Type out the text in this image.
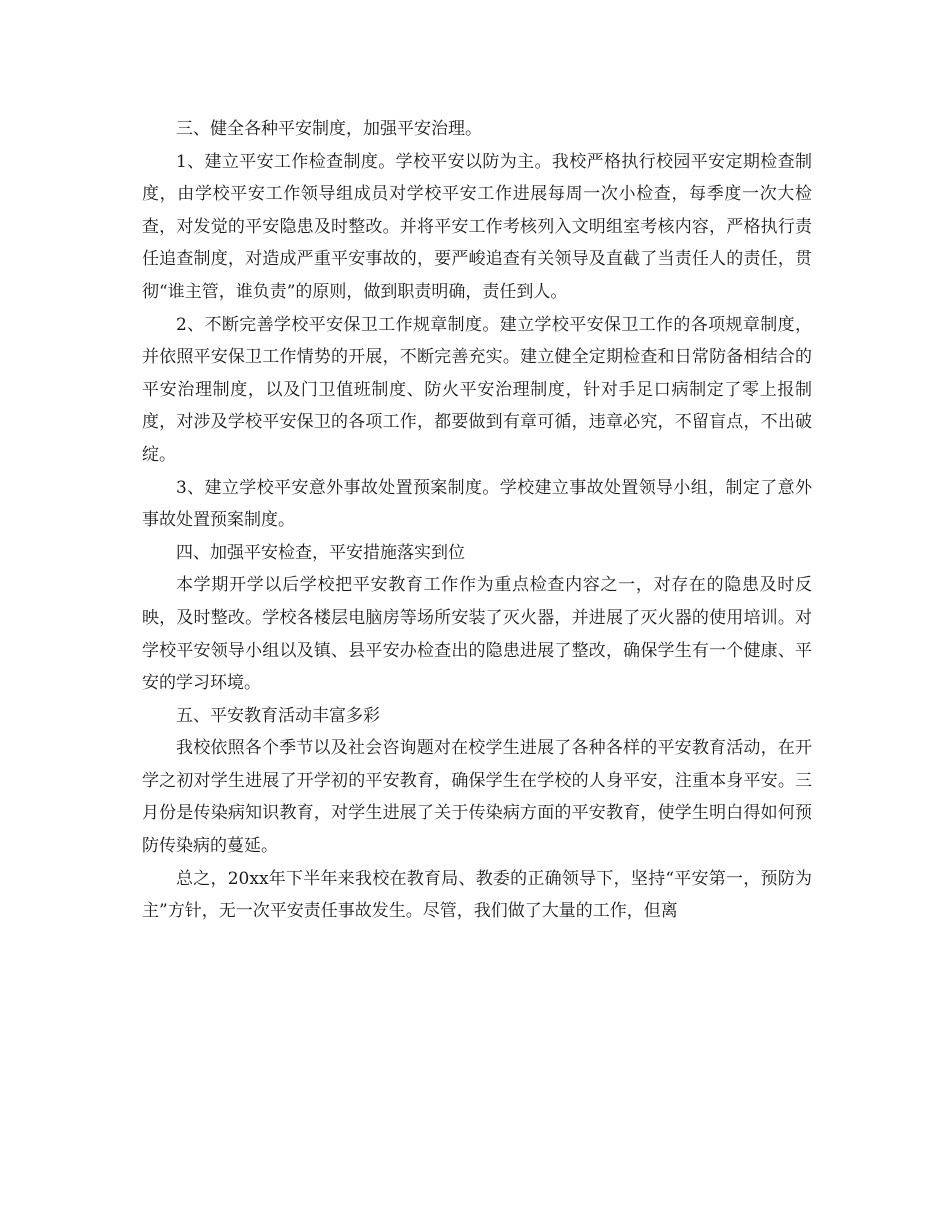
三、健全各种平安制度，加强平安治理。

1、建立平安工作检查制度。学校平安以防为主。我校严格执行校园平安定期检查制度，由学校平安工作领导组成员对学校平安工作进展每周一次小检查，每季度一次大检查，对发觉的平安隐患及时整改。并将平安工作考核列入文明组室考核内容，严格执行责任追查制度，对造成严重平安事故的，要严峻追查有关领导及直截了当责任人的责任，贯彻“谁主管，谁负责”的原则，做到职责明确，责任到人。

2、不断完善学校平安保卫工作规章制度。建立学校平安保卫工作的各项规章制度，并依照平安保卫工作情势的开展，不断完善充实。建立健全定期检查和日常防备相结合的平安治理制度，以及门卫值班制度、防火平安治理制度，针对手足口病制定了零上报制度，对涉及学校平安保卫的各项工作，都要做到有章可循，违章必究，不留盲点，不出破绽。

3、建立学校平安意外事故处置预案制度。学校建立事故处置领导小组，制定了意外事故处置预案制度。

四、加强平安检查，平安措施落实到位

本学期开学以后学校把平安教育工作作为重点检查内容之一，对存在的隐患及时反映，及时整改。学校各楼层电脑房等场所安装了灭火器，并进展了灭火器的使用培训。对学校平安领导小组以及镇、县平安办检查出的隐患进展了整改，确保学生有一个健康、平安的学习环境。

五、平安教育活动丰富多彩

我校依照各个季节以及社会咨询题对在校学生进展了各种各样的平安教育活动，在开学之初对学生进展了开学初的平安教育，确保学生在学校的人身平安，注重本身平安。三月份是传染病知识教育，对学生进展了关于传染病方面的平安教育，使学生明白得如何预防传染病的蔓延。

总之，20xx年下半年来我校在教育局、教委的正确领导下，坚持“平安第一，预防为主”方针，无一次平安责任事故发生。尽管，我们做了大量的工作，但离
